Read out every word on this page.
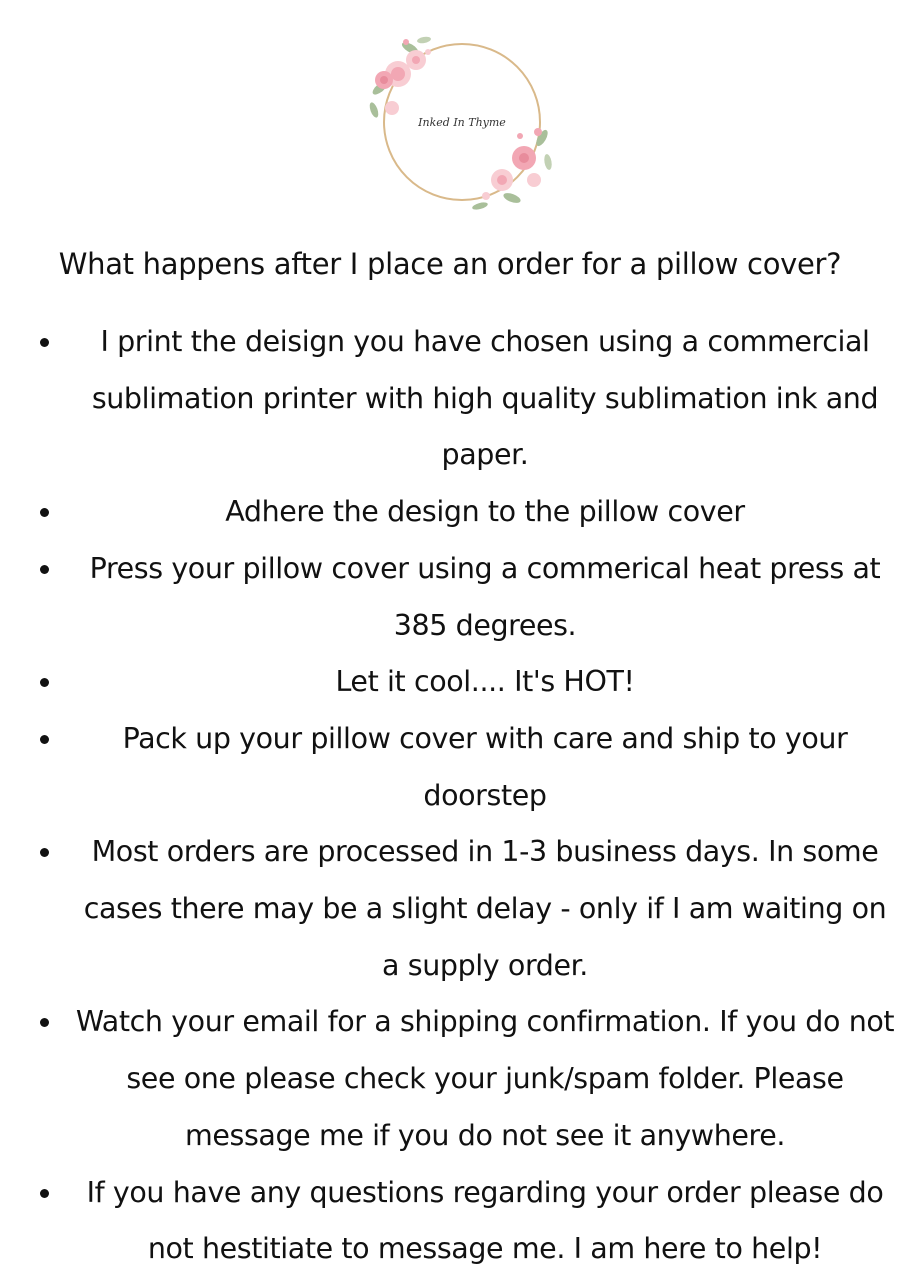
Inked In Thyme
What happens after I place an order for a pillow cover?
I print the deisign you have chosen using a commercial sublimation printer with high quality sublimation ink and paper.
Adhere the design to the pillow cover
Press your pillow cover using a commerical heat press at 385 degrees.
Let it cool.... It's HOT!
Pack up your pillow cover with care and ship to your doorstep
Most orders are processed in 1-3 business days. In some cases there may be a slight delay - only if I am waiting on a supply order.
Watch your email for a shipping confirmation. If you do not see one please check your junk/spam folder. Please message me if you do not see it anywhere.
If you have any questions regarding your order please do not hestitiate to message me. I am here to help!
